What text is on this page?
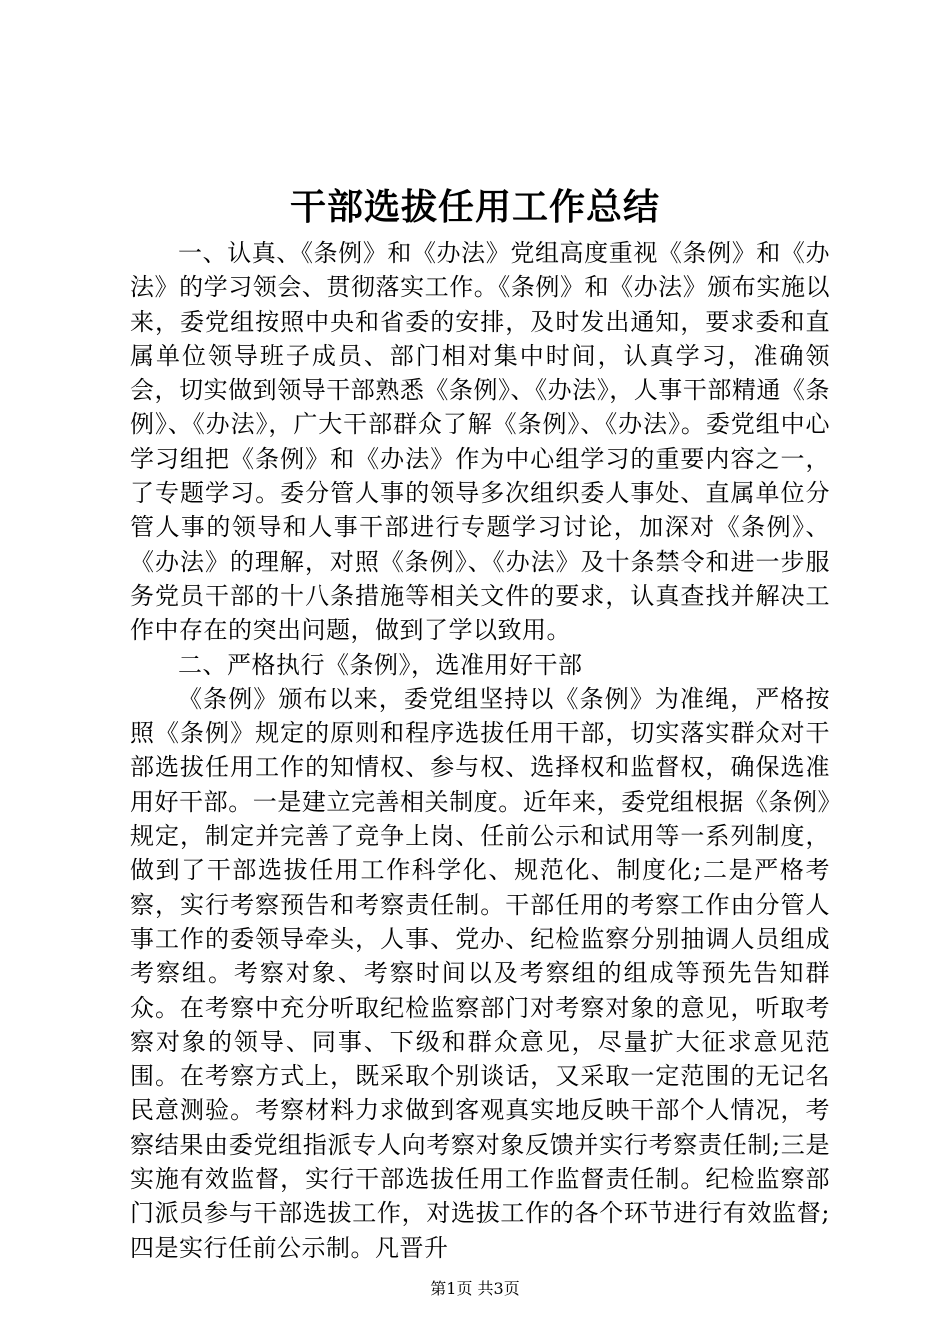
干部选拔任用工作总结

一、认真、《条例》和《办法》党组高度重视《条例》和《办法》的学习领会、贯彻落实工作。《条例》和《办法》颁布实施以来，委党组按照中央和省委的安排，及时发出通知，要求委和直属单位领导班子成员、部门相对集中时间，认真学习，准确领会，切实做到领导干部熟悉《条例》、《办法》，人事干部精通《条例》、《办法》，广大干部群众了解《条例》、《办法》。委党组中心学习组把《条例》和《办法》作为中心组学习的重要内容之一，了专题学习。委分管人事的领导多次组织委人事处、直属单位分管人事的领导和人事干部进行专题学习讨论，加深对《条例》、《办法》的理解，对照《条例》、《办法》及十条禁令和进一步服务党员干部的十八条措施等相关文件的要求，认真查找并解决工作中存在的突出问题，做到了学以致用。

二、严格执行《条例》，选准用好干部

《条例》颁布以来，委党组坚持以《条例》为准绳，严格按照《条例》规定的原则和程序选拔任用干部，切实落实群众对干部选拔任用工作的知情权、参与权、选择权和监督权，确保选准用好干部。一是建立完善相关制度。近年来，委党组根据《条例》规定，制定并完善了竞争上岗、任前公示和试用等一系列制度，做到了干部选拔任用工作科学化、规范化、制度化;二是严格考察，实行考察预告和考察责任制。干部任用的考察工作由分管人事工作的委领导牵头，人事、党办、纪检监察分别抽调人员组成考察组。考察对象、考察时间以及考察组的组成等预先告知群众。在考察中充分听取纪检监察部门对考察对象的意见，听取考察对象的领导、同事、下级和群众意见，尽量扩大征求意见范围。在考察方式上，既采取个别谈话，又采取一定范围的无记名民意测验。考察材料力求做到客观真实地反映干部个人情况，考察结果由委党组指派专人向考察对象反馈并实行考察责任制;三是实施有效监督，实行干部选拔任用工作监督责任制。纪检监察部门派员参与干部选拔工作，对选拔工作的各个环节进行有效监督;四是实行任前公示制。凡晋升

第1页 共3页
